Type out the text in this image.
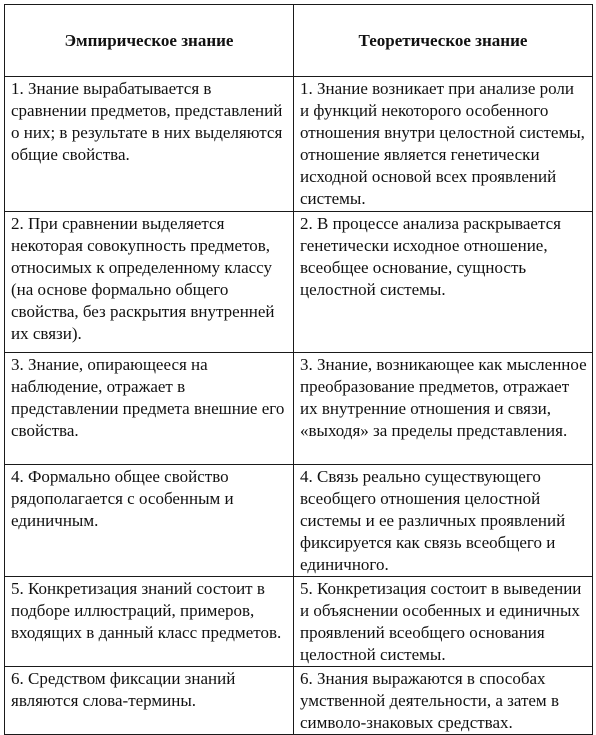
Эмпирическое знание	Теоретическое знание
1. Знание вырабатывается в сравнении предметов, представлений о них; в результате в них выделяются общие свойства.	1. Знание возникает при анализе роли и функций некоторого особенного отношения внутри целостной системы, отношение является генетически исходной основой всех проявлений системы.
2. При сравнении выделяется некоторая совокупность предметов, относимых к определенному классу (на основе формально общего свойства, без раскрытия внутренней их связи).	2. В процессе анализа раскрывается генетически исходное отношение, всеобщее основание, сущность целостной системы.
3. Знание, опирающееся на наблюдение, отражает в представлении предмета внешние его свойства.	3. Знание, возникающее как мысленное преобразование предметов, отражает их внутренние отношения и связи, «выходя» за пределы представления.
4. Формально общее свойство рядополагается с особенным и единичным.	4. Связь реально существующего всеобщего отношения целостной системы и ее различных проявлений фиксируется как связь всеобщего и единичного.
5. Конкретизация знаний состоит в подборе иллюстраций, примеров, входящих в данный класс предметов.	5. Конкретизация состоит в выведении и объяснении особенных и единичных проявлений всеобщего основания целостной системы.
6. Средством фиксации знаний являются слова-термины.	6. Знания выражаются в способах умственной деятельности, а затем в символо-знаковых средствах.
